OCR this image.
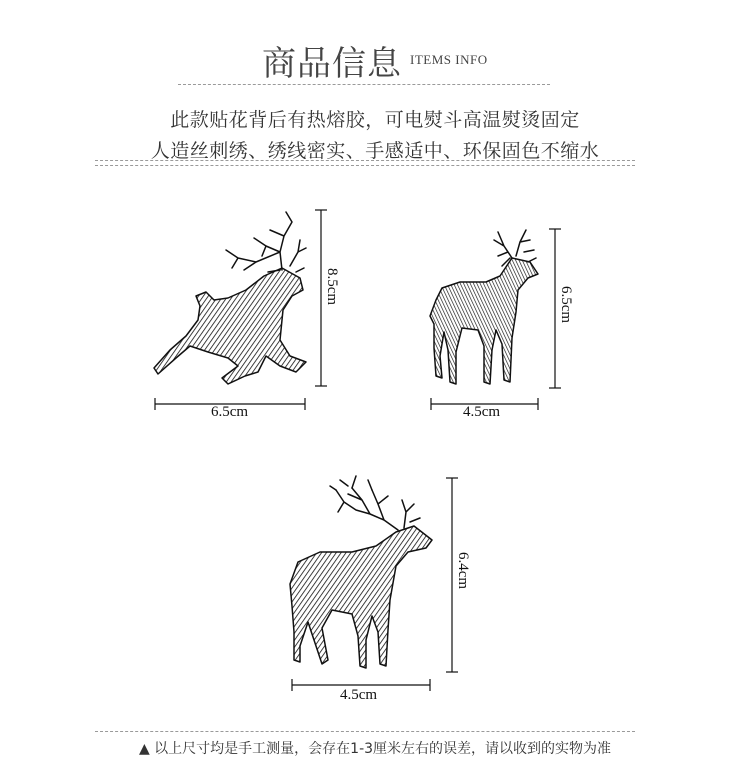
商品信息 ITEMS INFO
此款贴花背后有热熔胶，可电熨斗高温熨烫固定
人造丝刺绣、绣线密实、手感适中、环保固色不缩水
6.5cm
8.5cm
4.5cm
6.5cm
4.5cm
6.4cm
▲ 以上尺寸均是手工测量，会存在1-3厘米左右的误差，请以收到的实物为准
